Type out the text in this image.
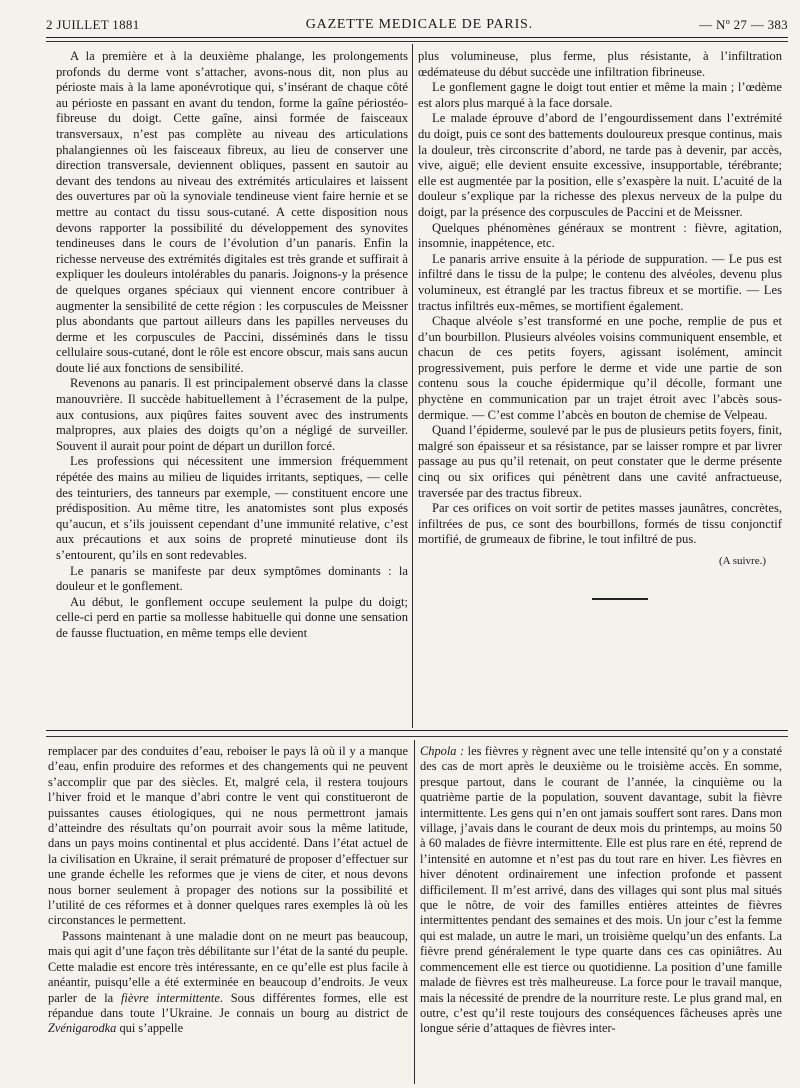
2 JUILLET 1881	GAZETTE MEDICALE DE PARIS.	— Nº 27 — 383

A la première et à la deuxième phalange, les prolongements profonds du derme vont s’attacher, avons-nous dit, non plus au périoste mais à la lame aponévrotique qui, s’insérant de chaque côté au périoste en passant en avant du tendon, forme la gaîne périostéo-fibreuse du doigt. Cette gaîne, ainsi formée de faisceaux transversaux, n’est pas complète au niveau des articulations phalangiennes où les faisceaux fibreux, au lieu de conserver une direction transversale, deviennent obliques, passent en sautoir au devant des tendons au niveau des extrémités articulaires et laissent des ouvertures par où la synoviale tendineuse vient faire hernie et se mettre au contact du tissu sous-cutané. A cette disposition nous devons rapporter la possibilité du développement des synovites tendineuses dans le cours de l’évolution d’un panaris. Enfin la richesse nerveuse des extrémités digitales est très grande et suffirait à expliquer les douleurs intolérables du panaris. Joignons-y la présence de quelques organes spéciaux qui viennent encore contribuer à augmenter la sensibilité de cette région : les corpuscules de Meissner plus abondants que partout ailleurs dans les papilles nerveuses du derme et les corpuscules de Paccini, disséminés dans le tissu cellulaire sous-cutané, dont le rôle est encore obscur, mais sans aucun doute lié aux fonctions de sensibilité.

Revenons au panaris. Il est principalement observé dans la classe manouvrière. Il succède habituellement à l’écrasement de la pulpe, aux contusions, aux piqûres faites souvent avec des instruments malpropres, aux plaies des doigts qu’on a négligé de surveiller. Souvent il aurait pour point de départ un durillon forcé.

Les professions qui nécessitent une immersion fréquemment répétée des mains au milieu de liquides irritants, septiques, — celle des teinturiers, des tanneurs par exemple, — constituent encore une prédisposition. Au même titre, les anatomistes sont plus exposés qu’aucun, et s’ils jouissent cependant d’une immunité relative, c’est aux précautions et aux soins de propreté minutieuse dont ils s’entourent, qu’ils en sont redevables.

Le panaris se manifeste par deux symptômes dominants : la douleur et le gonflement.

Au début, le gonflement occupe seulement la pulpe du doigt; celle-ci perd en partie sa mollesse habituelle qui donne une sensation de fausse fluctuation, en même temps elle devient

plus volumineuse, plus ferme, plus résistante, à l’infiltration œdémateuse du début succède une infiltration fibrineuse.

Le gonflement gagne le doigt tout entier et même la main ; l’œdème est alors plus marqué à la face dorsale.

Le malade éprouve d’abord de l’engourdissement dans l’extrémité du doigt, puis ce sont des battements douloureux presque continus, mais la douleur, très circonscrite d’abord, ne tarde pas à devenir, par accès, vive, aiguë; elle devient ensuite excessive, insupportable, térébrante; elle est augmentée par la position, elle s’exaspère la nuit. L’acuité de la douleur s’explique par la richesse des plexus nerveux de la pulpe du doigt, par la présence des corpuscules de Paccini et de Meissner.

Quelques phénomènes généraux se montrent : fièvre, agitation, insomnie, inappétence, etc.

Le panaris arrive ensuite à la période de suppuration. — Le pus est infiltré dans le tissu de la pulpe; le contenu des alvéoles, devenu plus volumineux, est étranglé par les tractus fibreux et se mortifie. — Les tractus infiltrés eux-mêmes, se mortifient également.

Chaque alvéole s’est transformé en une poche, remplie de pus et d’un bourbillon. Plusieurs alvéoles voisins communiquent ensemble, et chacun de ces petits foyers, agissant isolément, amincit progressivement, puis perfore le derme et vide une partie de son contenu sous la couche épidermique qu’il décolle, formant une phyctène en communication par un trajet étroit avec l’abcès sous-dermique. — C’est comme l’abcès en bouton de chemise de Velpeau.

Quand l’épiderme, soulevé par le pus de plusieurs petits foyers, finit, malgré son épaisseur et sa résistance, par se laisser rompre et par livrer passage au pus qu’il retenait, on peut constater que le derme présente cinq ou six orifices qui pénètrent dans une cavité anfractueuse, traversée par des tractus fibreux.

Par ces orifices on voit sortir de petites masses jaunâtres, concrètes, infiltrées de pus, ce sont des bourbillons, formés de tissu conjonctif mortifié, de grumeaux de fibrine, le tout infiltré de pus.

(A suivre.)

remplacer par des conduites d’eau, reboiser le pays là où il y a manque d’eau, enfin produire des reformes et des changements qui ne peuvent s’accomplir que par des siècles. Et, malgré cela, il restera toujours l’hiver froid et le manque d’abri contre le vent qui constitueront de puissantes causes étiologiques, qui ne nous permettront jamais d’atteindre des résultats qu’on pourrait avoir sous la même latitude, dans un pays moins continental et plus accidenté. Dans l’état actuel de la civilisation en Ukraine, il serait prématuré de proposer d’effectuer sur une grande échelle les reformes que je viens de citer, et nous devons nous borner seulement à propager des notions sur la possibilité et l’utilité de ces réformes et à donner quelques rares exemples là où les circonstances le permettent.

Passons maintenant à une maladie dont on ne meurt pas beaucoup, mais qui agit d’une façon très débilitante sur l’état de la santé du peuple. Cette maladie est encore très intéressante, en ce qu’elle est plus facile à anéantir, puisqu’elle a été exterminée en beaucoup d’endroits. Je veux parler de la fièvre intermittente. Sous différentes formes, elle est répandue dans toute l’Ukraine. Je connais un bourg au district de Zvénigarodka qui s’appelle

Chpola : les fièvres y règnent avec une telle intensité qu’on y a constaté des cas de mort après le deuxième ou le troisième accès. En somme, presque partout, dans le courant de l’année, la cinquième ou la quatrième partie de la population, souvent davantage, subit la fièvre intermittente. Les gens qui n’en ont jamais souffert sont rares. Dans mon village, j’avais dans le courant de deux mois du printemps, au moins 50 à 60 malades de fièvre intermittente. Elle est plus rare en été, reprend de l’intensité en automne et n’est pas du tout rare en hiver. Les fièvres en hiver dénotent ordinairement une infection profonde et passent difficilement. Il m’est arrivé, dans des villages qui sont plus mal situés que le nôtre, de voir des familles entières atteintes de fièvres intermittentes pendant des semaines et des mois. Un jour c’est la femme qui est malade, un autre le mari, un troisième quelqu’un des enfants. La fièvre prend généralement le type quarte dans ces cas opiniâtres. Au commencement elle est tierce ou quotidienne. La position d’une famille malade de fièvres est très malheureuse. La force pour le travail manque, mais la nécessité de prendre de la nourriture reste. Le plus grand mal, en outre, c’est qu’il reste toujours des conséquences fâcheuses après une longue série d’attaques de fièvres inter-
